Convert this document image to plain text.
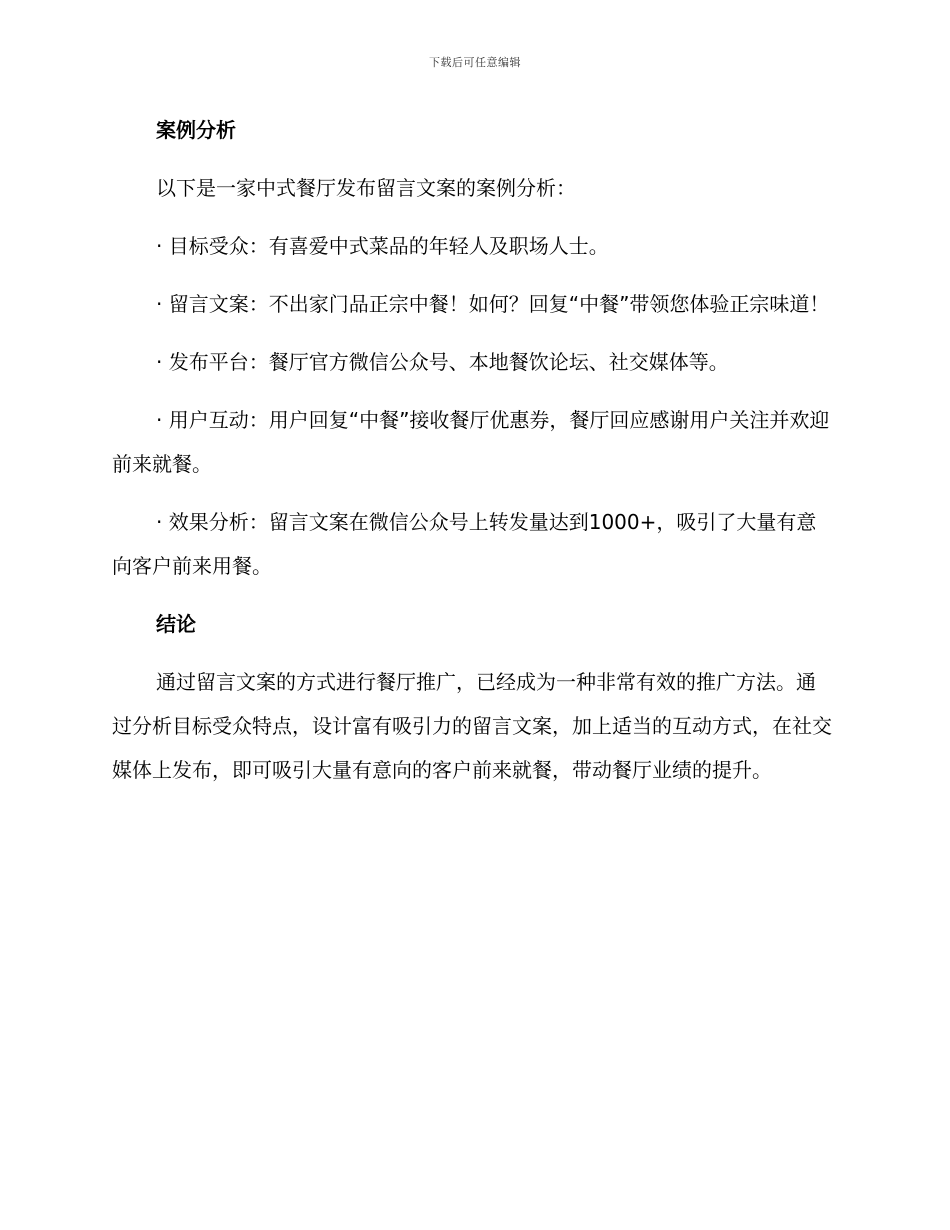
下载后可任意编辑
案例分析
以下是一家中式餐厅发布留言文案的案例分析：
· 目标受众：有喜爱中式菜品的年轻人及职场人士。
· 留言文案：不出家门品正宗中餐！如何？回复“中餐”带领您体验正宗味道！
· 发布平台：餐厅官方微信公众号、本地餐饮论坛、社交媒体等。
· 用户互动：用户回复“中餐”接收餐厅优惠券，餐厅回应感谢用户关注并欢迎前来就餐。
· 效果分析：留言文案在微信公众号上转发量达到1000+，吸引了大量有意向客户前来用餐。
结论
通过留言文案的方式进行餐厅推广，已经成为一种非常有效的推广方法。通过分析目标受众特点，设计富有吸引力的留言文案，加上适当的互动方式，在社交媒体上发布，即可吸引大量有意向的客户前来就餐，带动餐厅业绩的提升。
